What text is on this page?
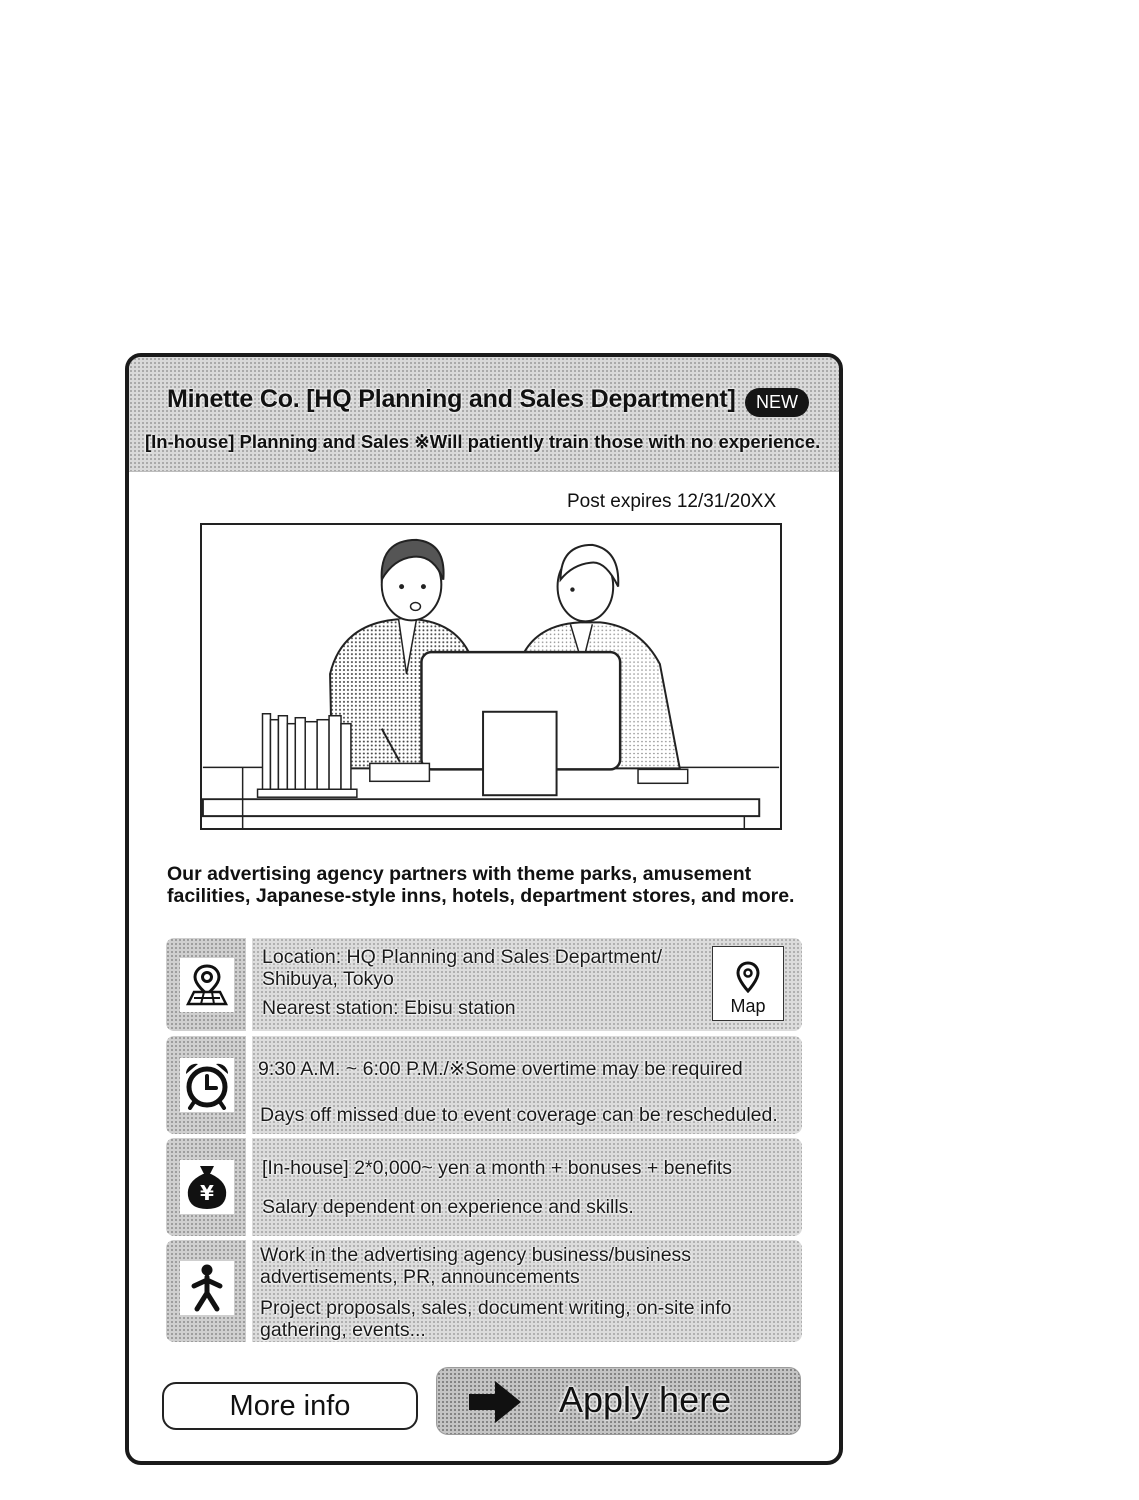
Minette Co. [HQ Planning and Sales Department]	NEW
[In-house] Planning and Sales ※Will patiently train those with no experience.
Post expires 12/31/20XX
Our advertising agency partners with theme parks, amusement
facilities, Japanese-style inns, hotels, department stores, and more.
Location: HQ Planning and Sales Department/
Shibuya, Tokyo
Nearest station: Ebisu station	Map
9:30 A.M. ~ 6:00 P.M./※Some overtime may be required
Days off missed due to event coverage can be rescheduled.
¥
[In-house] 2*0,000~ yen a month + bonuses + benefits
Salary dependent on experience and skills.
Work in the advertising agency business/business
advertisements, PR, announcements
Project proposals, sales, document writing, on-site info
gathering, events...
More info	Apply here
